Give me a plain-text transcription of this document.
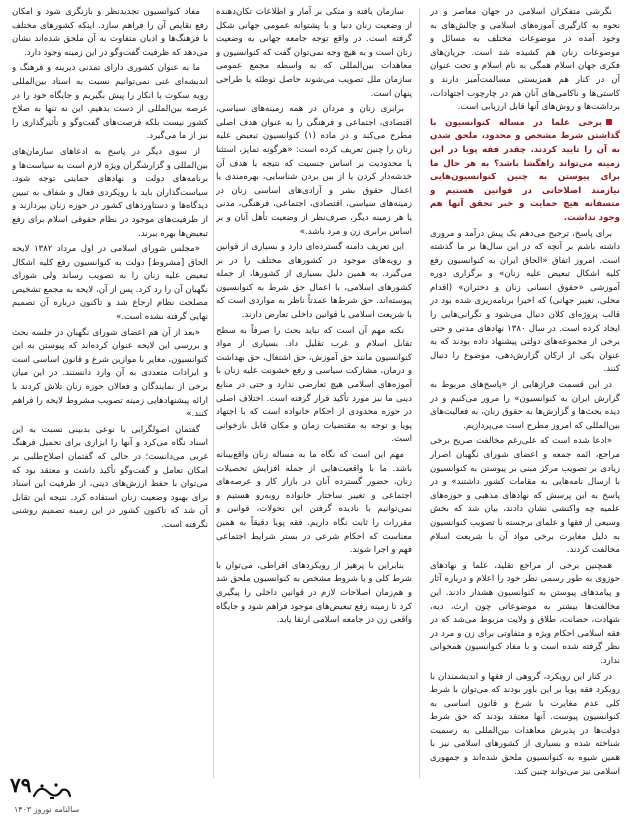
نگرشی متفکران اسلامی در جهان معاصر و در نحوه به کارگیری آموزه‌های اسلامی و چالش‌های به وجود آمده در موضوعات مختلف به مسائل و موضوعات زنان هم کشیده شد است. جریان‌های فکری جهان اسلام همگی به نام اسلام و تحت عنوان آن در کنار هم همزیستی مسالمت‌آمیز دارند و کاستی‌ها و ناکامی‌های آنان هم در چارچوب اجتهادات، برداشت‌ها و روش‌های آنها قابل ارزیابی است.

برخی علما در مساله کنوانسیون با گذاشتن شرط مشخص و محدود، ملحق شدن به آن را تایید کردند. چقدر فقه پویا در این زمینه می‌تواند راهگشا باشد؟ به هر حال ما برای پیوستن به چنین کنوانسیون‌هایی نیازمند اصلاحاتی در قوانین هستیم و متسفانه هیچ حمایت و خبر تحقق آنها هم وجود نداشت.

برای پاسخ، ترجیح می‌دهم یک پیش درآمد و مروری داشته باشم بر آنچه که در این سال‌ها بر ما گذشته است. امروز اتفاق «الحاق ایران به کنوانسیون رفع کلیه اشکال تبعیض علیه زنان» و برگزاری دوره آموزشی «حقوق انسانی زنان و دختران» (اقدام محلی، تغییر جهانی) که اخیرا برنامه‌ریزی شده بود در قالب پروژه‌ای کلان دنبال می‌شود و نگرانی‌هایی را ایجاد کرده است. در سال ۱۳۸۰ نهادهای مدنی و حتی برخی از مجموعه‌های دولتی پیشنهاد داده بودند که به عنوان یکی از ارکان گزارش‌دهی، موضوع را دنبال کنند.

در این قسمت فرازهایی از «پاسخ‌های مربوط به گزارش ایران به کنوانسیون» را مرور می‌کنیم و در دیده بحث‌ها و گزارش‌ها به حقوق زنان، به فعالیت‌های بین‌المللی که امروز مطرح است می‌پردازیم.

«ادعا شده است که علی‌رغم مخالفت صریح برخی مراجع، ائمه جمعه و اعضای شورای نگهبان اصرار زیادی بر تصویب مرکز مبنی بر پیوستن به کنوانسیون با ارسال نامه‌هایی به مقامات کشور داشتند» و در پاسخ به این پرسش که نهادهای مذهبی و حوزه‌های علمیه چه واکنشی نشان دادند، بیان شد که بخش وسیعی از فقها و علمای برجسته با تصویب کنوانسیون به دلیل مغایرت برخی مواد آن با شریعت اسلام مخالفت کردند.

همچنین برخی از مراجع تقلید، علما و نهادهای حوزوی به طور رسمی نظر خود را اعلام و درباره آثار و پیامدهای پیوستن به کنوانسیون هشدار دادند. این مخالفت‌ها بیشتر به موضوعاتی چون ارث، دیه، شهادت، حضانت، طلاق و ولایت مربوط می‌شد که در فقه اسلامی احکام ویژه و متفاوتی برای زن و مرد در نظر گرفته شده است و با مفاد کنوانسیون همخوانی ندارد.

در کنار این رویکرد، گروهی از فقها و اندیشمندان با رویکرد فقه پویا بر این باور بودند که می‌توان با شرط کلی عدم مغایرت با شرع و قانون اساسی به کنوانسیون پیوست. آنها معتقد بودند که حق شرط دولت‌ها در پذیرش معاهدات بین‌المللی به رسمیت شناخته شده و بسیاری از کشورهای اسلامی نیز با همین شیوه به کنوانسیون ملحق شده‌اند و جمهوری اسلامی نیز می‌تواند چنین کند.

سازمان یافته و متکی بر آمار و اطلاعات تکان‌دهنده از وضعیت زنان دنیا و با پشتوانه عمومی جهانی شکل گرفته است. در واقع توجه جامعه جهانی به وضعیت زنان است و به هیچ وجه نمی‌توان گفت که کنوانسیون و معاهدات بین‌المللی که به واسطه مجمع عمومی سازمان ملل تصویب می‌شوند حاصل توطئه یا طراحی پنهان است.

برابری زنان و مردان در همه زمینه‌های سیاسی، اقتصادی، اجتماعی و فرهنگی را به عنوان هدف اصلی مطرح می‌کند و در ماده (۱) کنوانسیون تبعیض علیه زنان را چنین تعریف کرده است: «هرگونه تمایز، استثنا یا محدودیت بر اساس جنسیت که نتیجه یا هدف آن خدشه‌دار کردن یا از بین بردن شناسایی، بهره‌مندی یا اعمال حقوق بشر و آزادی‌های اساسی زنان در زمینه‌های سیاسی، اقتصادی، اجتماعی، فرهنگی، مدنی یا هر زمینه دیگر، صرف‌نظر از وضعیت تأهل آنان و بر اساس برابری زن و مرد باشد.»

این تعریف دامنه گسترده‌ای دارد و بسیاری از قوانین و رویه‌های موجود در کشورهای مختلف را در بر می‌گیرد. به همین دلیل بسیاری از کشورها، از جمله کشورهای اسلامی، با اعمال حق شرط به کنوانسیون پیوسته‌اند. حق شرط‌ها عمدتاً ناظر به مواردی است که با شریعت اسلامی یا قوانین داخلی تعارض دارند.

نکته مهم آن است که نباید بحث را صرفاً به سطح تقابل اسلام و غرب تقلیل داد. بسیاری از مواد کنوانسیون مانند حق آموزش، حق اشتغال، حق بهداشت و درمان، مشارکت سیاسی و رفع خشونت علیه زنان با آموزه‌های اسلامی هیچ تعارضی ندارد و حتی در منابع دینی ما نیز مورد تأکید قرار گرفته است. اختلاف اصلی در حوزه محدودی از احکام خانواده است که با اجتهاد پویا و توجه به مقتضیات زمان و مکان قابل بازخوانی است.

مهم این است که نگاه ما به مساله زنان واقع‌بینانه باشد. ما با واقعیت‌هایی از جمله افزایش تحصیلات زنان، حضور گسترده آنان در بازار کار و عرصه‌های اجتماعی و تغییر ساختار خانواده روبه‌رو هستیم و نمی‌توانیم با نادیده گرفتن این تحولات، قوانین و مقررات را ثابت نگاه داریم. فقه پویا دقیقاً به همین معناست که احکام شرعی در بستر شرایط اجتماعی فهم و اجرا شوند.

بنابراین با پرهیز از رویکردهای افراطی، می‌توان با شرط کلی و یا شروط مشخص به کنوانسیون ملحق شد و هم‌زمان اصلاحات لازم در قوانین داخلی را پیگیری کرد تا زمینه رفع تبعیض‌های موجود فراهم شود و جایگاه واقعی زن در جامعه اسلامی ارتقا یابد.

مفاد کنوانسیون تجدیدنظر و بازنگری شود و امکان رفع نقایص آن را فراهم سازد. اینکه کشورهای مختلف با فرهنگ‌ها و ادیان متفاوت به آن ملحق شده‌اند نشان می‌دهد که ظرفیت گفت‌وگو در این زمینه وجود دارد.

ما به عنوان کشوری دارای تمدنی دیرینه و فرهنگ و اندیشه‌ای غنی نمی‌توانیم نسبت به اسناد بین‌المللی رویه سکوت یا انکار را پیش بگیریم و جایگاه خود را در عرصه بین‌المللی از دست بدهیم. این نه تنها به صلاح کشور نیست بلکه فرصت‌های گفت‌وگو و تأثیرگذاری را نیز از ما می‌گیرد.

از سوی دیگر در پاسخ به ادعاهای سازمان‌های بین‌المللی و گزارشگران ویژه لازم است به سیاست‌ها و برنامه‌های دولت و نهادهای حمایتی توجه شود. سیاست‌گذاران باید با رویکردی فعال و شفاف به تبیین دیدگاه‌ها و دستاوردهای کشور در حوزه زنان بپردازند و از ظرفیت‌های موجود در نظام حقوقی اسلام برای رفع تبعیض‌ها بهره ببرند.

«مجلس شورای اسلامی در اول مرداد ۱۳۸۲ لایحه الحاق [مشروط] دولت به کنوانسیون رفع کلیه اشکال تبعیض علیه زنان را به تصویب رساند ولی شورای نگهبان آن را رد کرد. پس از آن، لایحه به مجمع تشخیص مصلحت نظام ارجاع شد و تاکنون درباره آن تصمیم نهایی گرفته نشده است.»

«بعد از آن هم اعضای شورای نگهبان در جلسه بحث و بررسی این لایحه عنوان کرده‌اند که پیوستن به این کنوانسیون، مغایر با موازین شرع و قانون اساسی است و ایرادات متعددی به آن وارد دانستند. در این میان برخی از نمایندگان و فعالان حوزه زنان تلاش کردند با ارائه پیشنهادهایی زمینه تصویب مشروط لایحه را فراهم کنند.»

گفتمان اصولگرایی با نوعی بدبینی نسبت به این اسناد نگاه می‌کرد و آنها را ابزاری برای تحمیل فرهنگ غربی می‌دانست؛ در حالی که گفتمان اصلاح‌طلبی بر امکان تعامل و گفت‌وگو تأکید داشت و معتقد بود که می‌توان با حفظ ارزش‌های دینی، از ظرفیت این اسناد برای بهبود وضعیت زنان استفاده کرد. نتیجه این تقابل آن شد که تاکنون کشور در این زمینه تصمیم روشنی نگرفته است.

۷۹
سالنامه نوروز ۱۴۰۳
